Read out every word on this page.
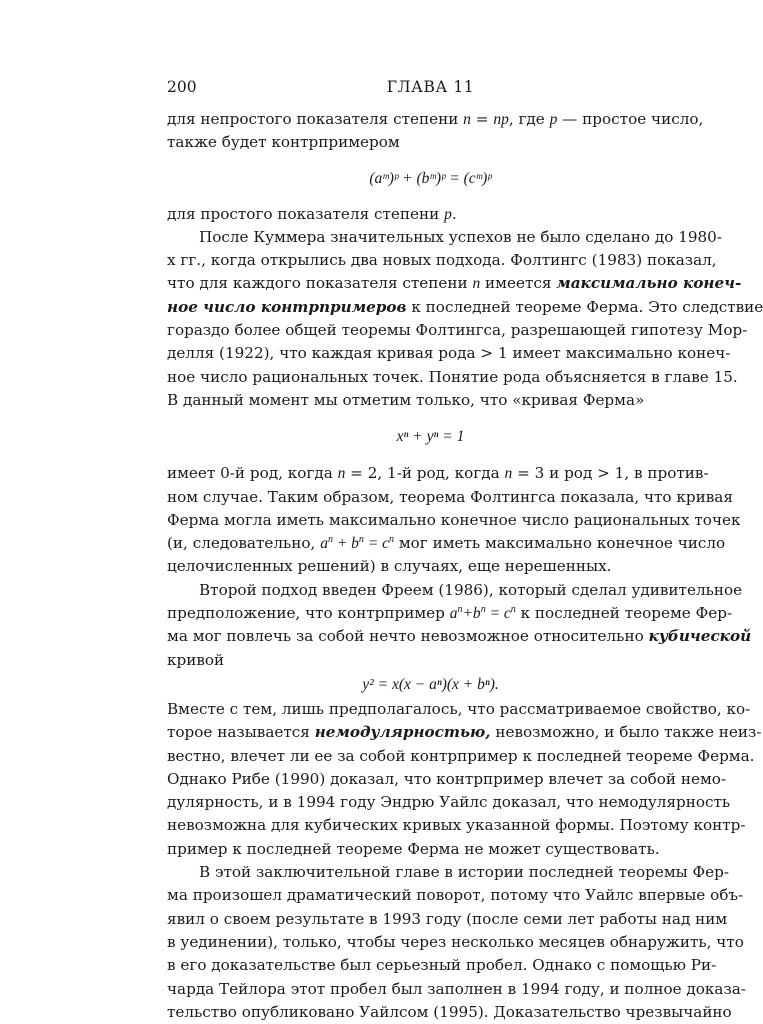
200	ГЛАВА 11
для непростого показателя степени n = np, где p — простое число,
также будет контрпримером
(aᵐ)ᵖ + (bᵐ)ᵖ = (cᵐ)ᵖ
для простого показателя степени p.
После Куммера значительных успехов не было сделано до 1980-
х гг., когда открылись два новых подхода. Фолтингс (1983) показал,
что для каждого показателя степени n имеется максимально конеч-
ное число контрпримеров к последней теореме Ферма. Это следствие
гораздо более общей теоремы Фолтингса, разрешающей гипотезу Мор-
делля (1922), что каждая кривая рода > 1 имеет максимально конеч-
ное число рациональных точек. Понятие рода объясняется в главе 15.
В данный момент мы отметим только, что «кривая Ферма»
xⁿ + yⁿ = 1
имеет 0-й род, когда n = 2, 1-й род, когда n = 3 и род > 1, в против-
ном случае. Таким образом, теорема Фолтингса показала, что кривая
Ферма могла иметь максимально конечное число рациональных точек
(и, следовательно, $a^n + b^n = c^n$ мог иметь максимально конечное число
целочисленных решений) в случаях, еще нерешенных.
Второй подход введен Фреем (1986), который сделал удивительное
предположение, что контрпример $a^n+b^n = c^n$ к последней теореме Фер-
ма мог повлечь за собой нечто невозможное относительно кубической
кривой
y² = x(x − aⁿ)(x + bⁿ).
Вместе с тем, лишь предполагалось, что рассматриваемое свойство, ко-
торое называется немодулярностью, невозможно, и было также неиз-
вестно, влечет ли ее за собой контрпример к последней теореме Ферма.
Однако Рибе (1990) доказал, что контрпример влечет за собой немо-
дулярность, и в 1994 году Эндрю Уайлс доказал, что немодулярность
невозможна для кубических кривых указанной формы. Поэтому контр-
пример к последней теореме Ферма не может существовать.
В этой заключительной главе в истории последней теоремы Фер-
ма произошел драматический поворот, потому что Уайлс впервые объ-
явил о своем результате в 1993 году (после семи лет работы над ним
в уединении), только, чтобы через несколько месяцев обнаружить, что
в его доказательстве был серьезный пробел. Однако с помощью Ри-
чарда Тейлора этот пробел был заполнен в 1994 году, и полное доказа-
тельство опубликовано Уайлсом (1995). Доказательство чрезвычайно
